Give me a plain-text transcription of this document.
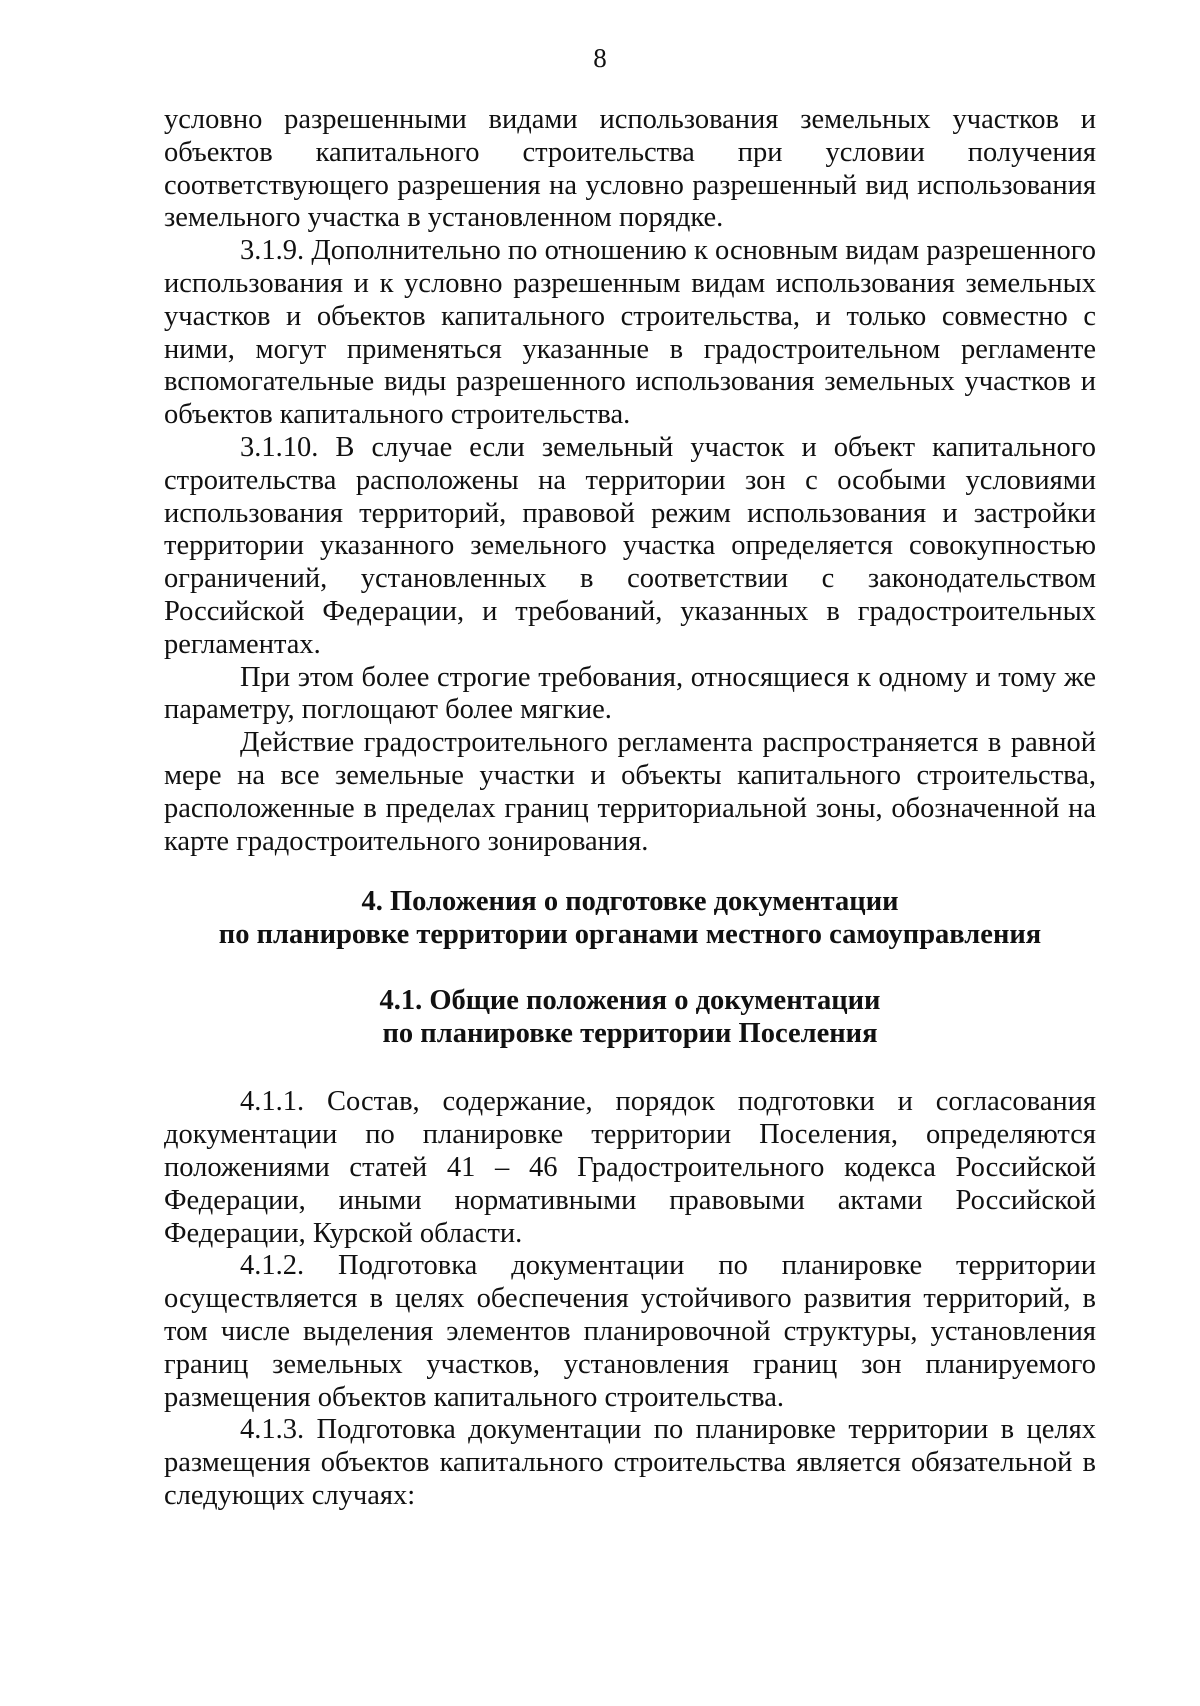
8

условно разрешенными видами использования земельных участков и объектов капитального строительства при условии получения соответствующего разрешения на условно разрешенный вид использования земельного участка в установленном порядке.

3.1.9. Дополнительно по отношению к основным видам разрешенного использования и к условно разрешенным видам использования земельных участков и объектов капитального строительства, и только совместно с ними, могут применяться указанные в градостроительном регламенте вспомогательные виды разрешенного использования земельных участков и объектов капитального строительства.

3.1.10. В случае если земельный участок и объект капитального строительства расположены на территории зон с особыми условиями использования территорий, правовой режим использования и застройки территории указанного земельного участка определяется совокупностью ограничений, установленных в соответствии с законодательством Российской Федерации, и требований, указанных в градостроительных регламентах.

При этом более строгие требования, относящиеся к одному и тому же параметру, поглощают более мягкие.

Действие градостроительного регламента распространяется в равной мере на все земельные участки и объекты капитального строительства, расположенные в пределах границ территориальной зоны, обозначенной на карте градостроительного зонирования.

4. Положения о подготовке документации
по планировке территории органами местного самоуправления
4.1. Общие положения о документации
по планировке территории Поселения

4.1.1. Состав, содержание, порядок подготовки и согласования документации по планировке территории Поселения, определяются положениями статей 41 – 46 Градостроительного кодекса Российской Федерации, иными нормативными правовыми актами Российской Федерации, Курской области.

4.1.2. Подготовка документации по планировке территории осуществляется в целях обеспечения устойчивого развития территорий, в том числе выделения элементов планировочной структуры, установления границ земельных участков, установления границ зон планируемого размещения объектов капитального строительства.

4.1.3. Подготовка документации по планировке территории в целях размещения объектов капитального строительства является обязательной в следующих случаях:
